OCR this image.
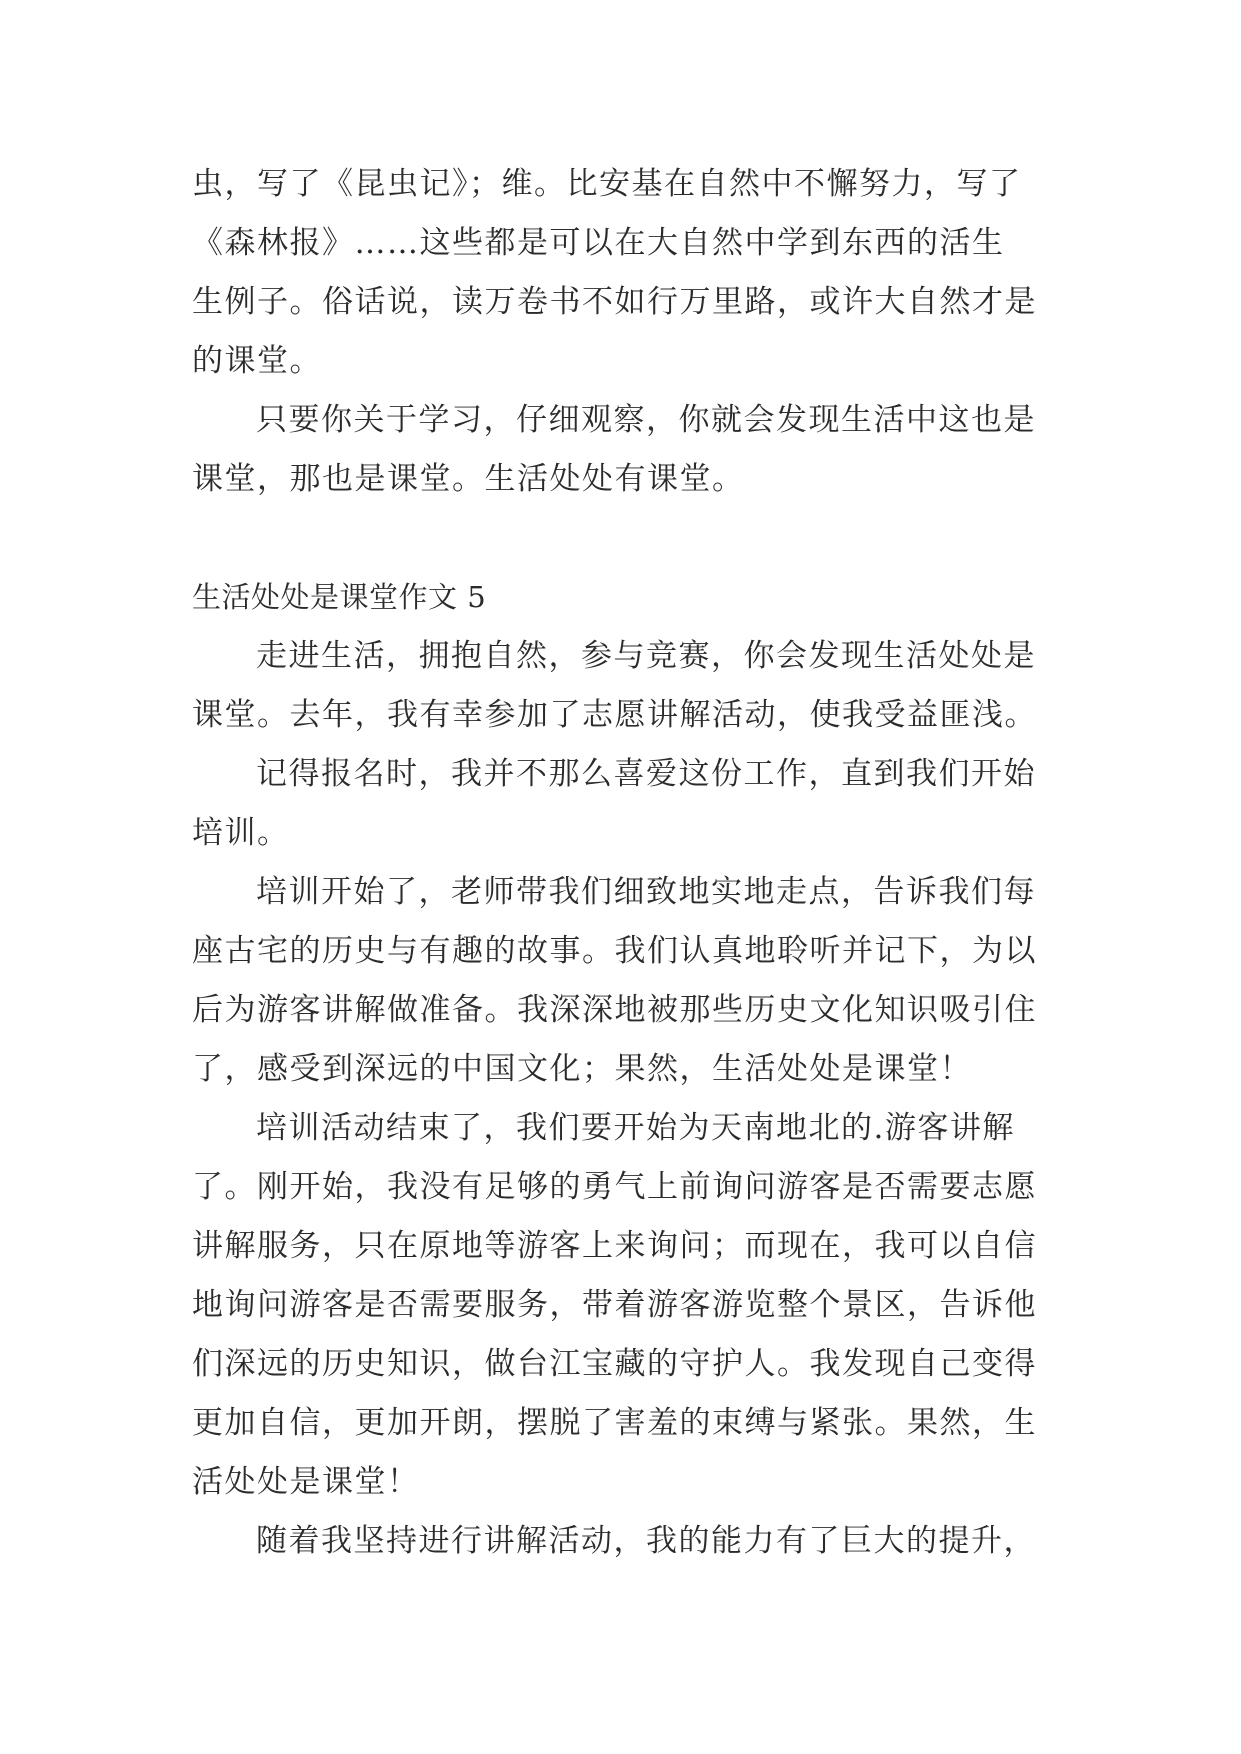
虫，写了《昆虫记》；维。比安基在自然中不懈努力，写了
《森林报》……这些都是可以在大自然中学到东西的活生
生例子。俗话说，读万卷书不如行万里路，或许大自然才是
的课堂。
只要你关于学习，仔细观察，你就会发现生活中这也是
课堂，那也是课堂。生活处处有课堂。
生活处处是课堂作文 5
走进生活，拥抱自然，参与竞赛，你会发现生活处处是
课堂。去年，我有幸参加了志愿讲解活动，使我受益匪浅。
记得报名时，我并不那么喜爱这份工作，直到我们开始
培训。
培训开始了，老师带我们细致地实地走点，告诉我们每
座古宅的历史与有趣的故事。我们认真地聆听并记下，为以
后为游客讲解做准备。我深深地被那些历史文化知识吸引住
了，感受到深远的中国文化；果然，生活处处是课堂！
培训活动结束了，我们要开始为天南地北的.游客讲解
了。刚开始，我没有足够的勇气上前询问游客是否需要志愿
讲解服务，只在原地等游客上来询问；而现在，我可以自信
地询问游客是否需要服务，带着游客游览整个景区，告诉他
们深远的历史知识，做台江宝藏的守护人。我发现自己变得
更加自信，更加开朗，摆脱了害羞的束缚与紧张。果然，生
活处处是课堂！
随着我坚持进行讲解活动，我的能力有了巨大的提升，
